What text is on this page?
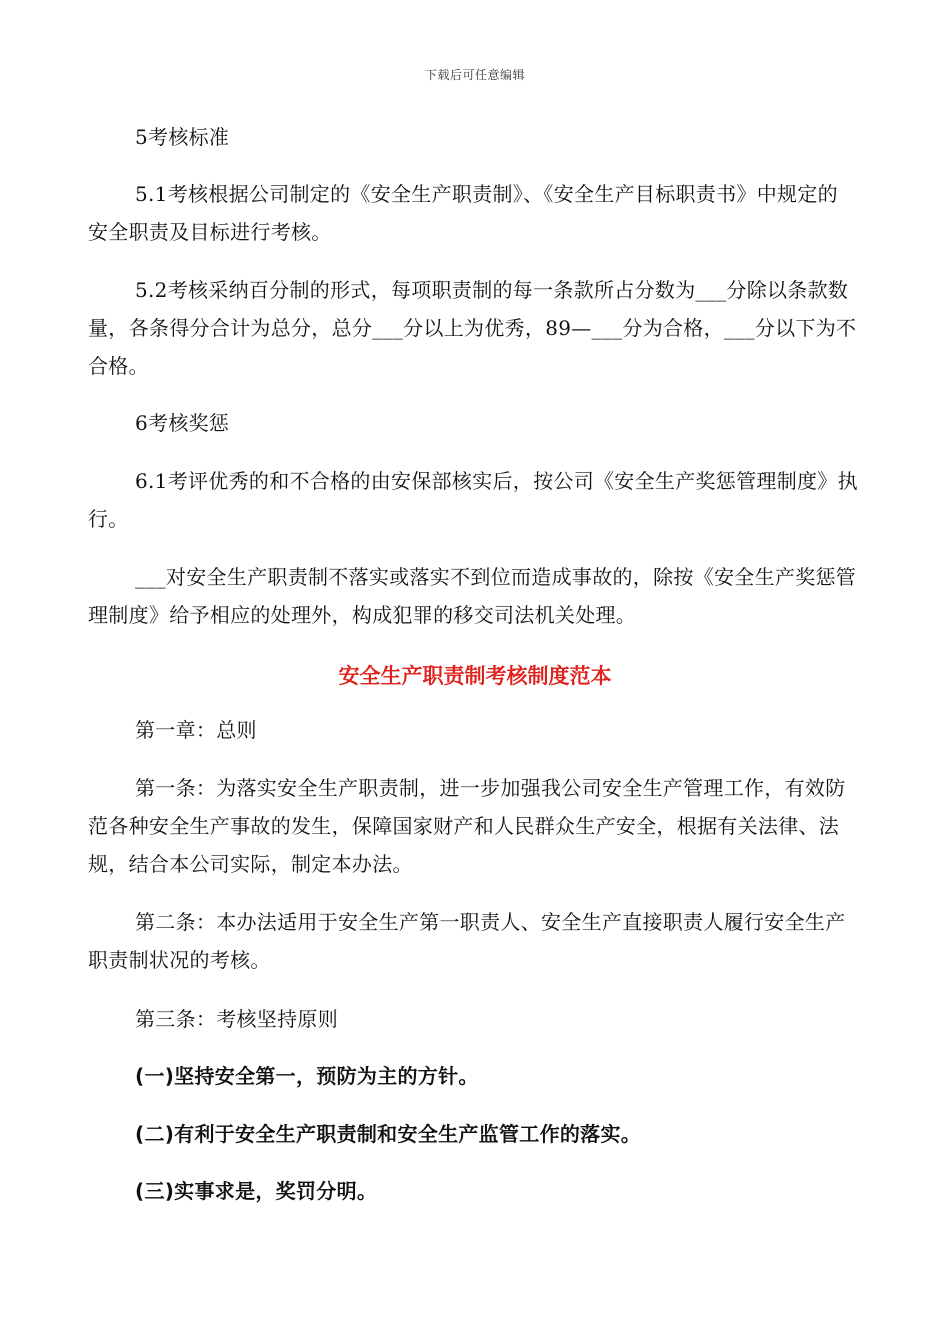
下载后可任意编辑

5考核标准

5.1考核根据公司制定的《安全生产职责制》、《安全生产目标职责书》中规定的安全职责及目标进行考核。

5.2考核采纳百分制的形式，每项职责制的每一条款所占分数为___分除以条款数量，各条得分合计为总分，总分___分以上为优秀，89—___分为合格，___分以下为不合格。

6考核奖惩

6.1考评优秀的和不合格的由安保部核实后，按公司《安全生产奖惩管理制度》执行。

___对安全生产职责制不落实或落实不到位而造成事故的，除按《安全生产奖惩管理制度》给予相应的处理外，构成犯罪的移交司法机关处理。

安全生产职责制考核制度范本

第一章：总则

第一条：为落实安全生产职责制，进一步加强我公司安全生产管理工作，有效防范各种安全生产事故的发生，保障国家财产和人民群众生产安全，根据有关法律、法规，结合本公司实际，制定本办法。

第二条：本办法适用于安全生产第一职责人、安全生产直接职责人履行安全生产职责制状况的考核。

第三条：考核坚持原则

(一)坚持安全第一，预防为主的方针。

(二)有利于安全生产职责制和安全生产监管工作的落实。

(三)实事求是，奖罚分明。
